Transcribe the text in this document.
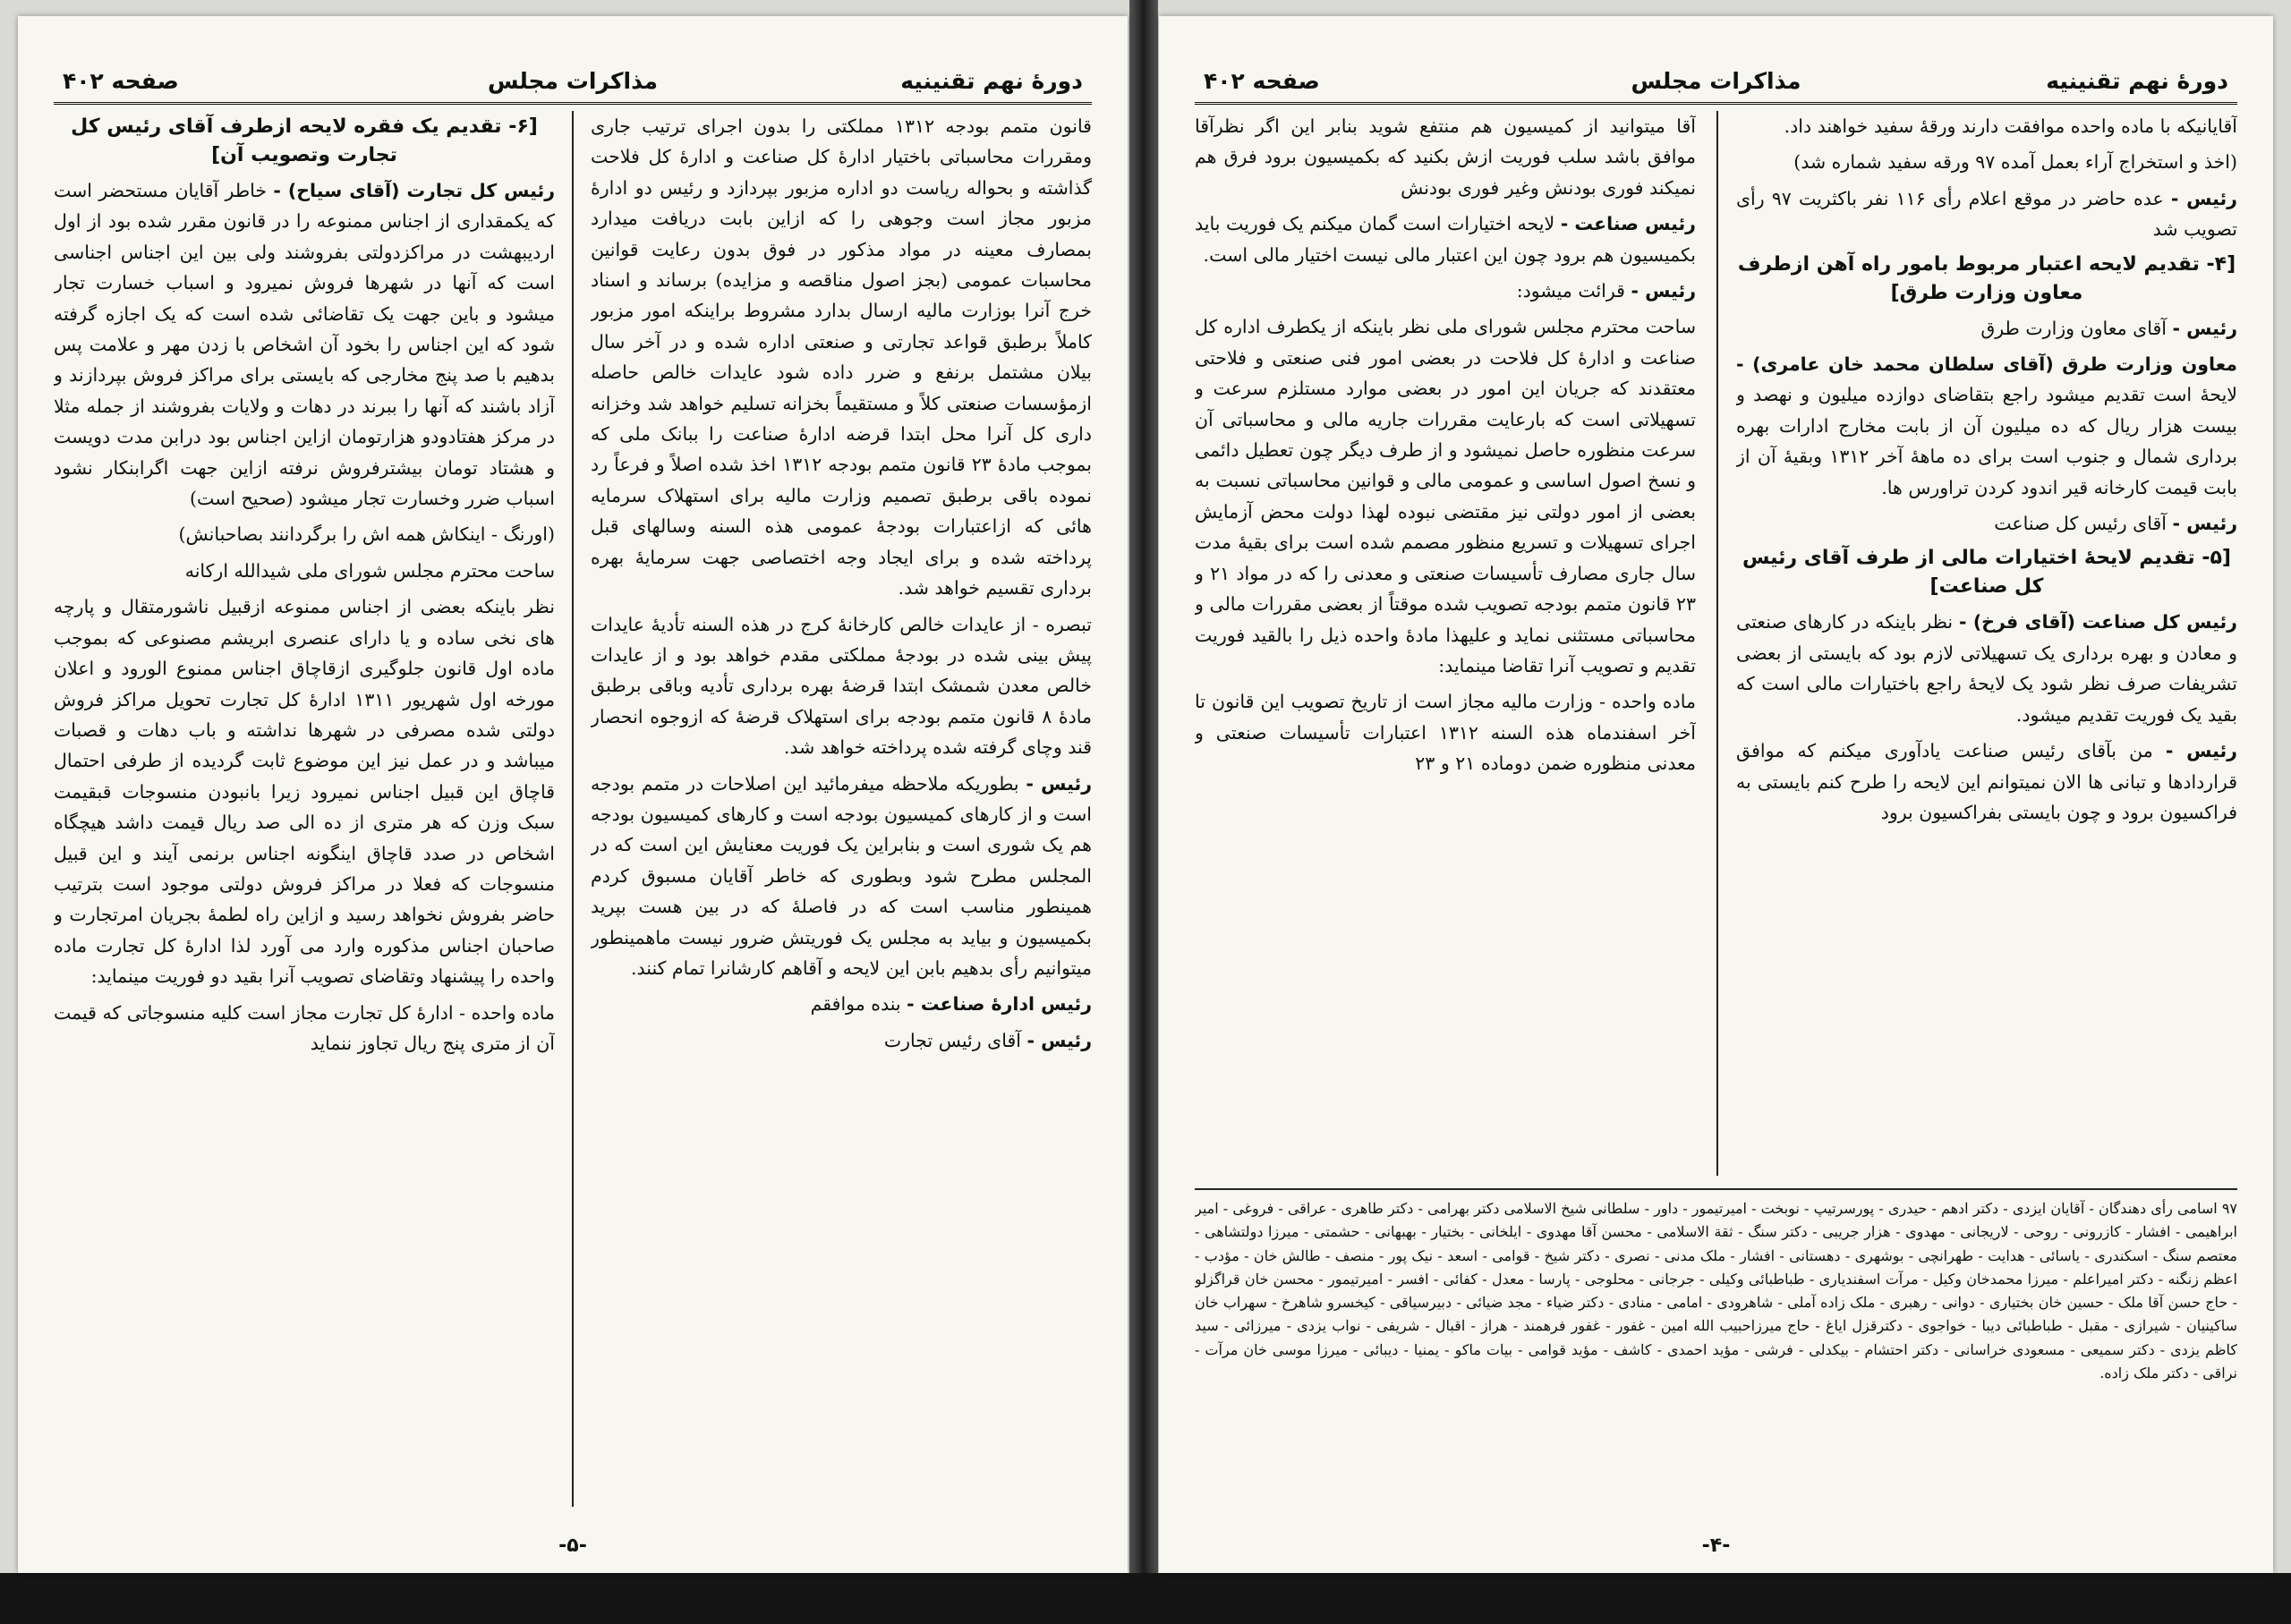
دورهٔ نهم تقنینیه
مذاکرات مجلس
صفحه ۴۰۲

قانون متمم بودجه ۱۳۱۲ مملکتی را بدون اجرای ترتیب جاری ومقررات محاسباتی باختیار ادارهٔ کل صناعت و ادارهٔ کل فلاحت گذاشته و بحواله ریاست دو اداره مزبور بپردازد و رئیس دو ادارهٔ مزبور مجاز است وجوهی را که ازاین بابت دریافت میدارد بمصارف معینه در مواد مذکور در فوق بدون رعایت قوانین محاسبات عمومی (بجز اصول مناقصه و مزایده) برساند و اسناد خرج آنرا بوزارت مالیه ارسال بدارد مشروط براینکه امور مزبور کاملاً برطبق قواعد تجارتی و صنعتی اداره شده و در آخر سال بیلان مشتمل برنفع و ضرر داده شود عایدات خالص حاصله ازمؤسسات صنعتی کلاً و مستقیماً بخزانه تسلیم خواهد شد وخزانه داری کل آنرا محل ابتدا قرضه ادارهٔ صناعت را ببانک ملی که بموجب مادهٔ ۲۳ قانون متمم بودجه ۱۳۱۲ اخذ شده اصلاً و فرعاً رد نموده باقی برطبق تصمیم وزارت مالیه برای استهلاک سرمایه هائی که ازاعتبارات بودجهٔ عمومی هذه السنه وسالهای قبل پرداخته شده و برای ایجاد وجه اختصاصی جهت سرمایهٔ بهره برداری تقسیم خواهد شد.

تبصره - از عایدات خالص کارخانهٔ کرج در هذه السنه تأدیهٔ عایدات پیش بینی شده در بودجهٔ مملکتی مقدم خواهد بود و از عایدات خالص معدن شمشک ابتدا قرضهٔ بهره برداری تأدیه وباقی برطبق مادهٔ ۸ قانون متمم بودجه برای استهلاک قرضهٔ که ازوجوه انحصار قند وچای گرفته شده پرداخته خواهد شد.

رئیس - بطوریکه ملاحظه میفرمائید این اصلاحات در متمم بودجه است و از کارهای کمیسیون بودجه است و کارهای کمیسیون بودجه هم یک شوری است و بنابراین یک فوریت معنایش این است که در المجلس مطرح شود وبطوری که خاطر آقایان مسبوق کردم همینطور مناسب است که در فاصلهٔ که در بین هست بپرید بکمیسیون و بیاید به مجلس یک فوریتش ضرور نیست ماهمینطور میتوانیم رأی بدهیم بابن این لایحه و آقاهم کارشانرا تمام کنند.

رئیس ادارهٔ صناعت - بنده موافقم

رئیس - آقای رئیس تجارت

[۶- تقدیم یک فقره لایحه ازطرف آقای رئیس کل تجارت وتصویب آن]

رئیس کل تجارت (آقای سیاح) - خاطر آقایان مستحضر است که یکمقداری از اجناس ممنوعه را در قانون مقرر شده بود از اول اردیبهشت در مراکزدولتی بفروشند ولی بین این اجناس اجناسی است که آنها در شهرها فروش نمیرود و اسباب خسارت تجار میشود و باین جهت یک تقاضائی شده است که یک اجازه گرفته شود که این اجناس را بخود آن اشخاص با زدن مهر و علامت پس بدهیم با صد پنج مخارجی که بایستی برای مراکز فروش بپردازند و آزاد باشند که آنها را ببرند در دهات و ولایات بفروشند از جمله مثلا در مرکز هفتادودو هزارتومان ازاین اجناس بود درابن مدت دویست و هشتاد تومان بیشترفروش نرفته ازاین جهت اگرابنکار نشود اسباب ضرر وخسارت تجار میشود (صحیح است)

(اورنگ - اینکاش همه اش را برگردانند بصاحبانش)

ساحت محترم مجلس شورای ملی شیدالله ارکانه

نظر باینکه بعضی از اجناس ممنوعه ازقبیل ناشورمتقال و پارچه های نخی ساده و یا دارای عنصری ابریشم مصنوعی که بموجب ماده اول قانون جلوگیری ازقاچاق اجناس ممنوع الورود و اعلان مورخه اول شهریور ۱۳۱۱ ادارهٔ کل تجارت تحویل مراکز فروش دولتی شده مصرفی در شهرها نداشته و باب دهات و قصبات میباشد و در عمل نیز این موضوع ثابت گردیده از طرفی احتمال قاچاق این قبیل اجناس نمیرود زیرا بانبودن منسوجات قبقیمت سبک وزن که هر متری از ده الی صد ریال قیمت داشد هیچگاه اشخاص در صدد قاچاق اینگونه اجناس برنمی آیند و این قبیل منسوجات که فعلا در مراکز فروش دولتی موجود است بترتیب حاضر بفروش نخواهد رسید و ازاین راه لطمهٔ بجریان امرتجارت و صاحبان اجناس مذکوره وارد می آورد لذا ادارهٔ کل تجارت ماده واحده را پیشنهاد وتقاضای تصویب آنرا بقید دو فوریت مینماید:

ماده واحده - ادارهٔ کل تجارت مجاز است کلیه منسوجاتی که قیمت آن از متری پنج ریال تجاوز ننماید

-۵-
دورهٔ نهم تقنینیه
مذاکرات مجلس
صفحه ۴۰۲

آقایانیکه با ماده واحده موافقت دارند ورقهٔ سفید خواهند داد.

(اخذ و استخراج آراء بعمل آمده ۹۷ ورقه سفید شماره شد)

رئیس - عده حاضر در موقع اعلام رأی ۱۱۶ نفر باکثریت ۹۷ رأی تصویب شد

[۴- تقدیم لایحه اعتبار مربوط بامور راه آهن ازطرف معاون وزارت طرق]

رئیس - آقای معاون وزارت طرق

معاون وزارت طرق (آقای سلطان محمد خان عامری) - لایحهٔ است تقدیم میشود راجع بتقاضای دوازده میلیون و نهصد و بیست هزار ریال که ده میلیون آن از بابت مخارج ادارات بهره برداری شمال و جنوب است برای ده ماههٔ آخر ۱۳۱۲ وبقیهٔ آن از بابت قیمت کارخانه قیر اندود کردن تراورس ها.

رئیس - آقای رئیس کل صناعت

[۵- تقدیم لایحهٔ اختیارات مالی از طرف آقای رئیس کل صناعت]

رئیس کل صناعت (آقای فرخ) - نظر باینکه در کارهای صنعتی و معادن و بهره برداری یک تسهیلاتی لازم بود که بایستی از بعضی تشریفات صرف نظر شود یک لایحهٔ راجع باختیارات مالی است که بقید یک فوریت تقدیم میشود.

رئیس - من بآقای رئیس صناعت یادآوری میکنم که موافق قراردادها و تبانی ها الان نمیتوانم این لایحه را طرح کنم بایستی به فراکسیون برود و چون بایستی بفراکسیون برود

آقا میتوانید از کمیسیون هم منتفع شوید بنابر این اگر نظرآقا موافق باشد سلب فوریت ازش بکنید که بکمیسیون برود فرق هم نمیکند فوری بودنش وغیر فوری بودنش

رئیس صناعت - لایحه اختیارات است گمان میکنم یک فوریت باید بکمیسیون هم برود چون این اعتبار مالی نیست اختیار مالی است.

رئیس - قرائت میشود:

ساحت محترم مجلس شورای ملی نظر باینکه از یکطرف اداره کل صناعت و ادارهٔ کل فلاحت در بعضی امور فنی صنعتی و فلاحتی معتقدند که جریان این امور در بعضی موارد مستلزم سرعت و تسهیلاتی است که بارعایت مقررات جاریه مالی و محاسباتی آن سرعت منظوره حاصل نمیشود و از طرف دیگر چون تعطیل دائمی و نسخ اصول اساسی و عمومی مالی و قوانین محاسباتی نسبت به بعضی از امور دولتی نیز مقتضی نبوده لهذا دولت محض آزمایش اجرای تسهیلات و تسریع منظور مصمم شده است برای بقیهٔ مدت سال جاری مصارف تأسیسات صنعتی و معدنی را که در مواد ۲۱ و ۲۳ قانون متمم بودجه تصویب شده موقتاً از بعضی مقررات مالی و محاسباتی مستثنی نماید و علیهذا مادهٔ واحده ذیل را بالقید فوریت تقدیم و تصویب آنرا تقاضا مینماید:

ماده واحده - وزارت مالیه مجاز است از تاریخ تصویب این قانون تا آخر اسفندماه هذه السنه ۱۳۱۲ اعتبارات تأسیسات صنعتی و معدنی منظوره ضمن دوماده ۲۱ و ۲۳

۹۷ اسامی رأی دهندگان - آقایان ایزدی - دکتر ادهم - حیدری - پورسرتیپ - نوبخت - امیرتیمور - داور - سلطانی شیخ الاسلامی دکتر بهرامی - دکتر طاهری - عراقی - فروغی - امیر ابراهیمی - افشار - کازرونی - روحی - لاریجانی - مهدوی - هزار جریبی - دکتر سنگ - ثقة الاسلامی - محسن آقا مهدوی - ایلخانی - بختیار - بهبهانی - حشمتی - میرزا دولتشاهی - معتصم سنگ - اسکندری - یاسائی - هدایت - طهرانچی - بوشهری - دهستانی - افشار - ملک مدنی - نصری - دکتر شیخ - قوامی - اسعد - نیک پور - منصف - طالش خان - مؤدب - اعظم زنگنه - دکتر امیراعلم - میرزا محمدخان وکیل - مرآت اسفندیاری - طباطبائی وکیلی - جرجانی - محلوجی - پارسا - معدل - کفائی - افسر - امیرتیمور - محسن خان قراگزلو - حاج حسن آقا ملک - حسین خان بختیاری - دوانی - رهبری - ملک زاده آملی - شاهرودی - امامی - منادی - دکتر ضیاء - مجد ضیائی - دبیرسیاقی - کیخسرو شاهرخ - سهراب خان ساکینیان - شیرازی - مقبل - طباطبائی دیبا - خواجوی - دکترقزل ایاغ - حاج میرزاحبیب الله امین - غفور - غفور فرهمند - هراز - اقبال - شریفی - نواب یزدی - میرزائی - سید کاظم یزدی - دکتر سمیعی - مسعودی خراسانی - دکتر احتشام - بیکدلی - فرشی - مؤید احمدی - کاشف - مؤید قوامی - بیات ماکو - یمنیا - دیبائی - میرزا موسی خان مرآت - نراقی - دکتر ملک زاده.
-۴-
